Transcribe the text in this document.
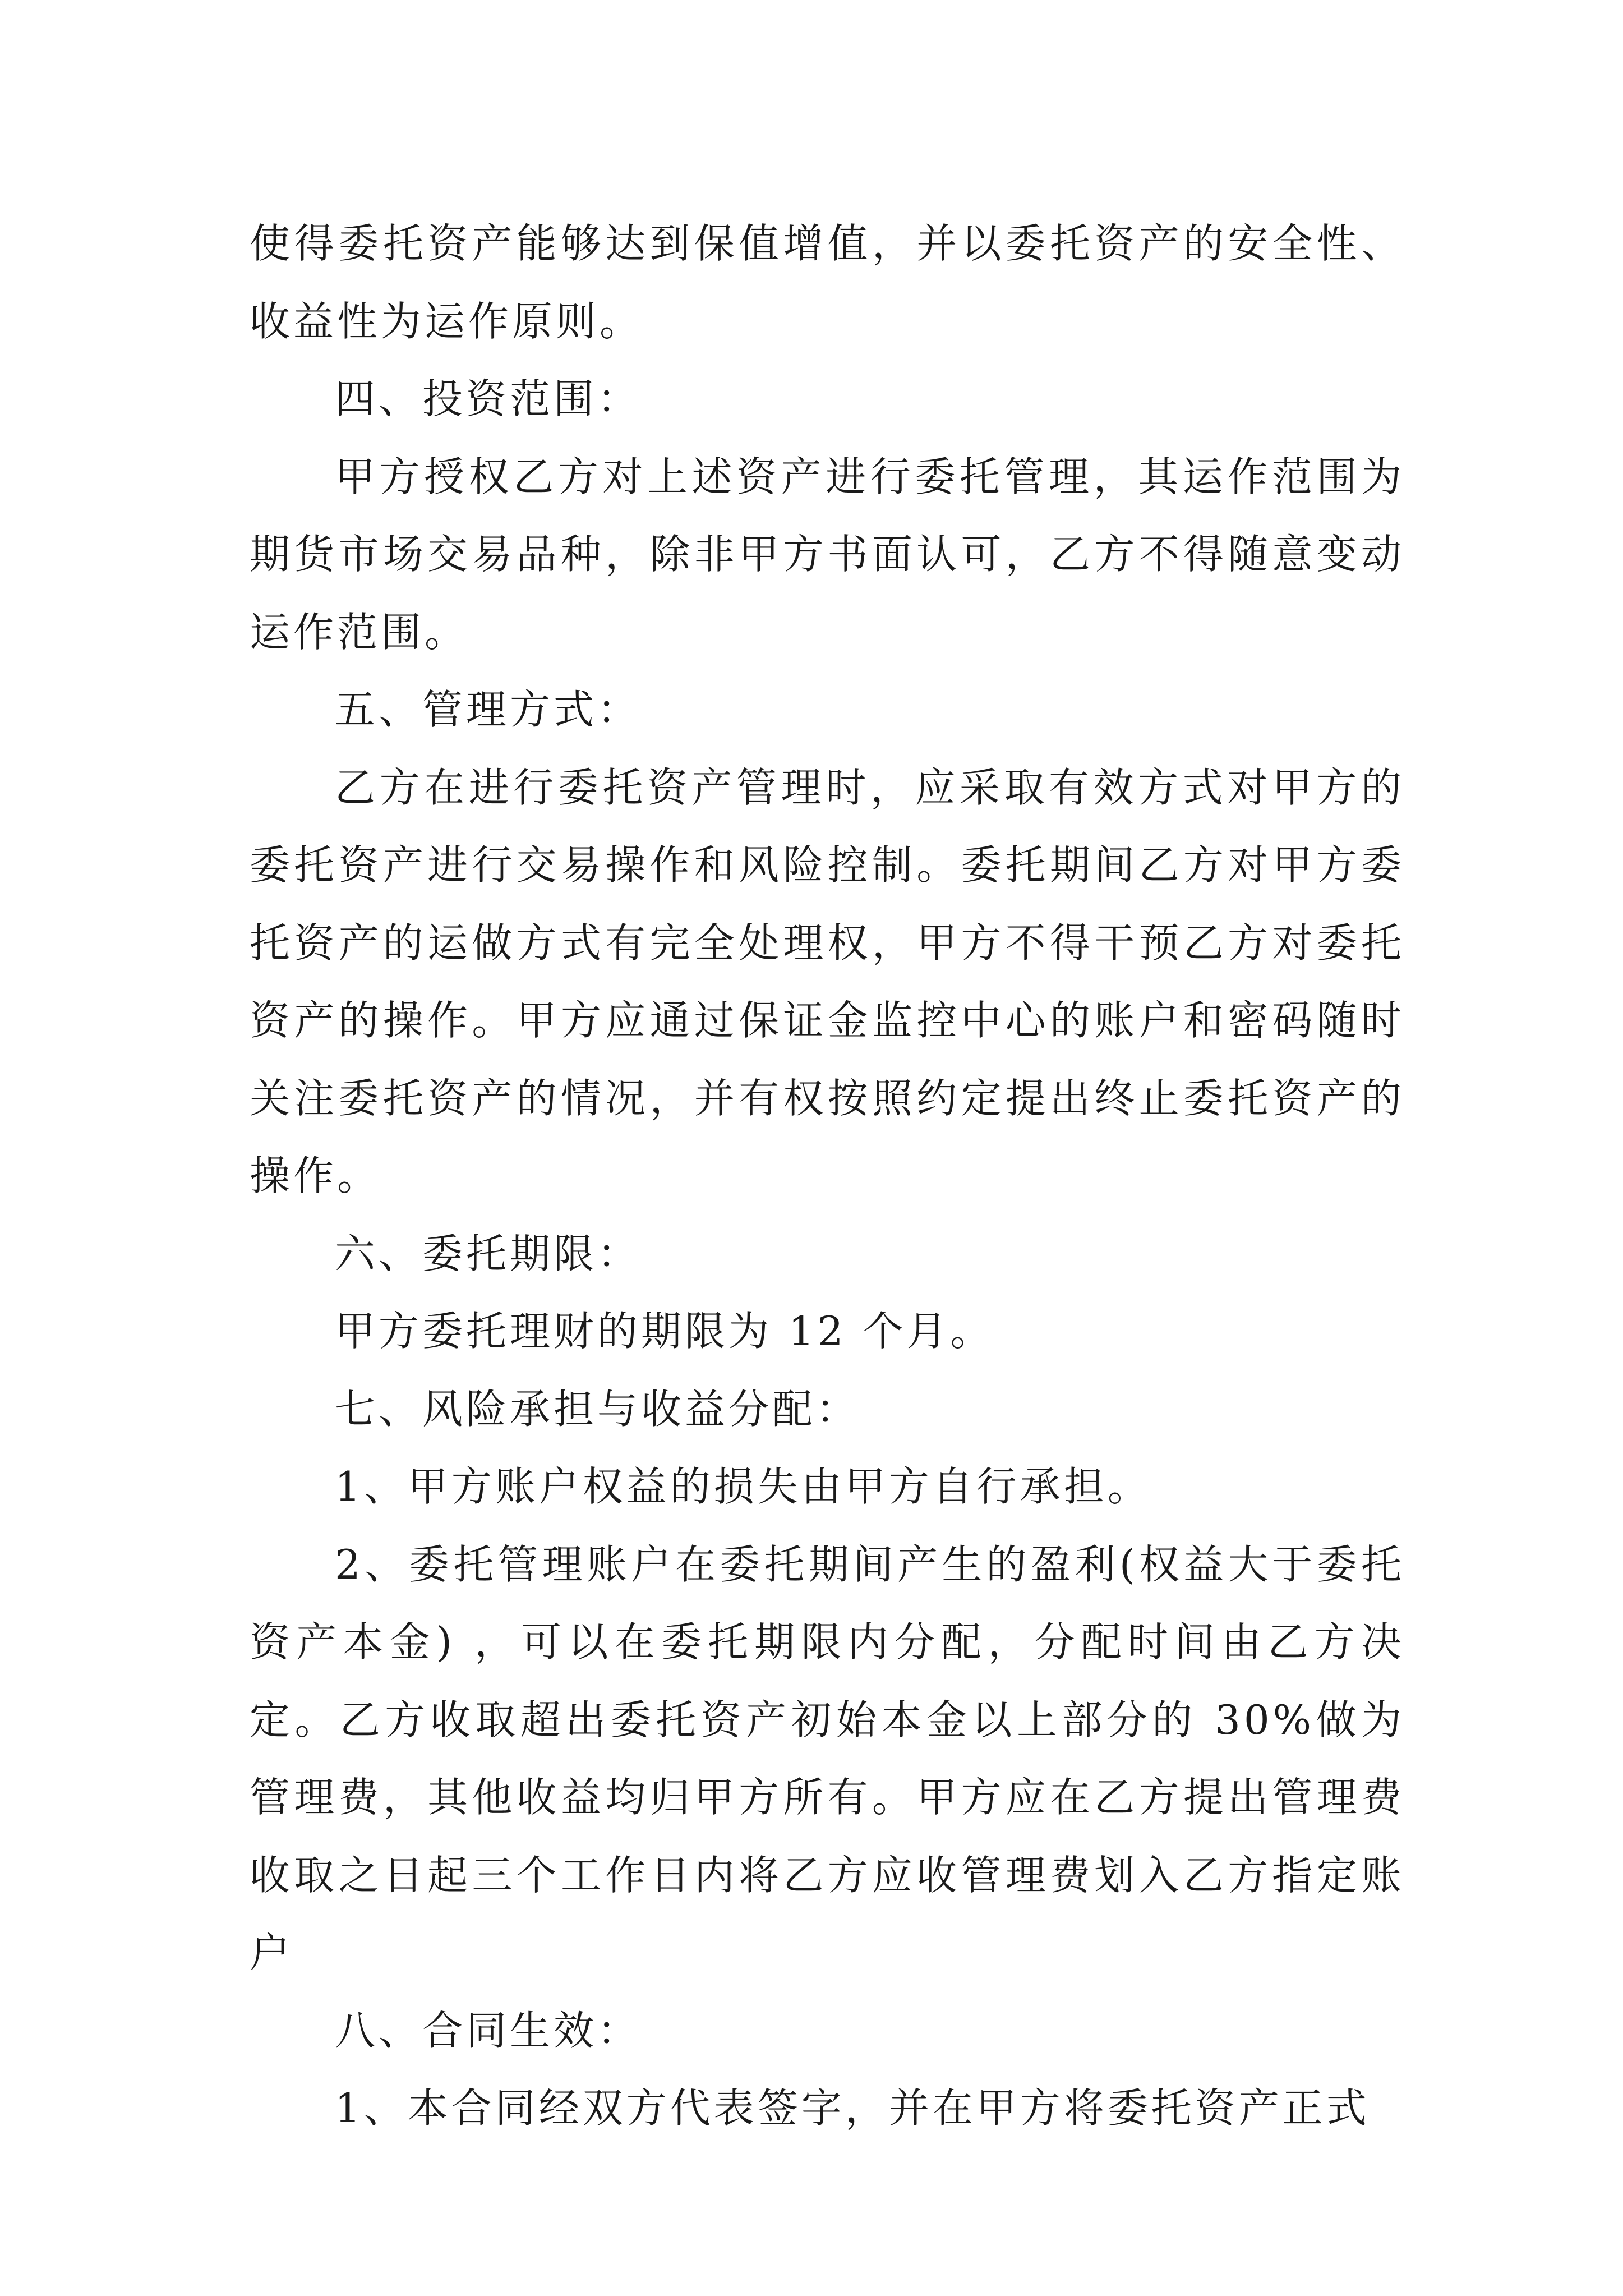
使得委托资产能够达到保值增值，并以委托资产的安全性、收益性为运作原则。

四、投资范围：

甲方授权乙方对上述资产进行委托管理，其运作范围为期货市场交易品种，除非甲方书面认可，乙方不得随意变动运作范围。

五、管理方式：

乙方在进行委托资产管理时，应采取有效方式对甲方的委托资产进行交易操作和风险控制。委托期间乙方对甲方委托资产的运做方式有完全处理权，甲方不得干预乙方对委托资产的操作。甲方应通过保证金监控中心的账户和密码随时关注委托资产的情况，并有权按照约定提出终止委托资产的操作。

六、委托期限：

甲方委托理财的期限为 12 个月。

七、风险承担与收益分配：

1、甲方账户权益的损失由甲方自行承担。

2、委托管理账户在委托期间产生的盈利(权益大于委托资产本金) ，可以在委托期限内分配，分配时间由乙方决定。乙方收取超出委托资产初始本金以上部分的 30%做为管理费，其他收益均归甲方所有。甲方应在乙方提出管理费收取之日起三个工作日内将乙方应收管理费划入乙方指定账户

八、合同生效：

1、本合同经双方代表签字，并在甲方将委托资产正式
